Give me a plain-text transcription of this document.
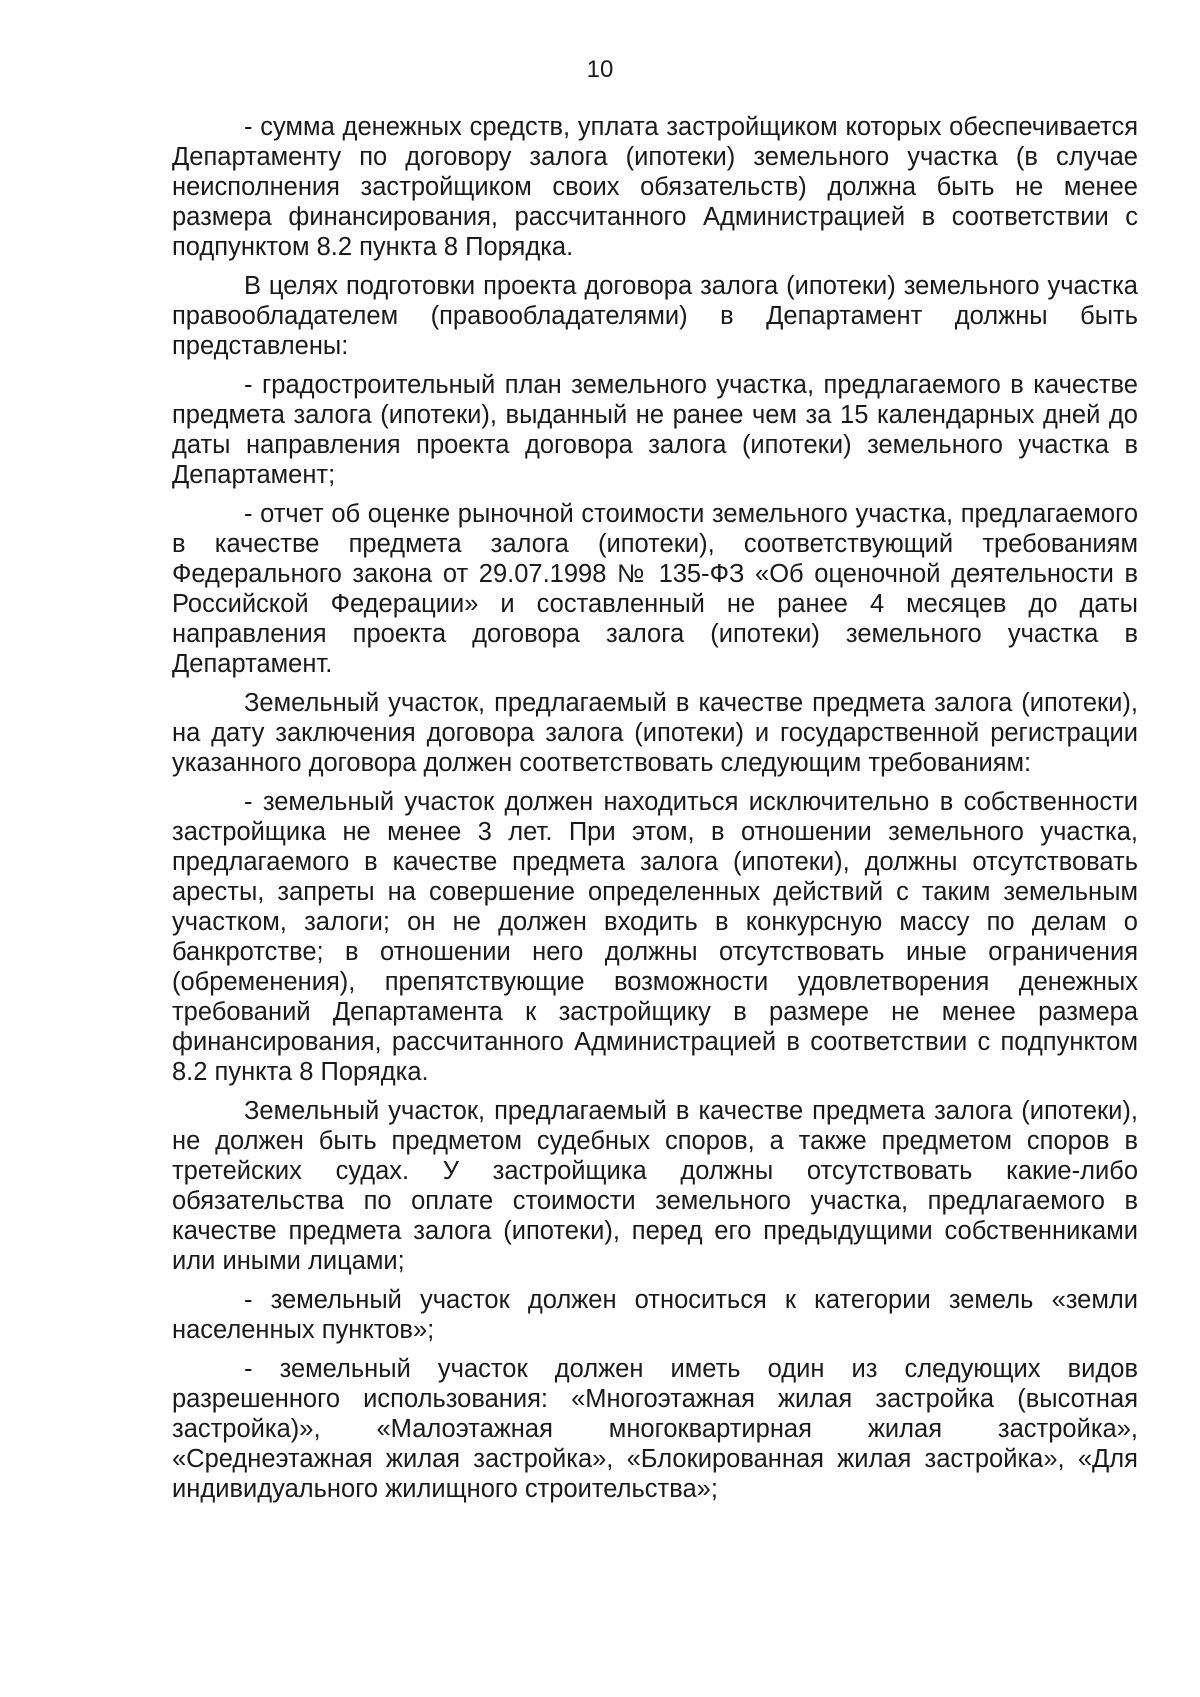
10

- сумма денежных средств, уплата застройщиком которых обеспечивается Департаменту по договору залога (ипотеки) земельного участка (в случае неисполнения застройщиком своих обязательств) должна быть не менее размера финансирования, рассчитанного Администрацией в соответствии с подпунктом 8.2 пункта 8 Порядка.

В целях подготовки проекта договора залога (ипотеки) земельного участка правообладателем (правообладателями) в Департамент должны быть представлены:

- градостроительный план земельного участка, предлагаемого в качестве предмета залога (ипотеки), выданный не ранее чем за 15 календарных дней до даты направления проекта договора залога (ипотеки) земельного участка в Департамент;

- отчет об оценке рыночной стоимости земельного участка, предлагаемого в качестве предмета залога (ипотеки), соответствующий требованиям Федерального закона от 29.07.1998 № 135-ФЗ «Об оценочной деятельности в Российской Федерации» и составленный не ранее 4 месяцев до даты направления проекта договора залога (ипотеки) земельного участка в Департамент.

Земельный участок, предлагаемый в качестве предмета залога (ипотеки), на дату заключения договора залога (ипотеки) и государственной регистрации указанного договора должен соответствовать следующим требованиям:

- земельный участок должен находиться исключительно в собственности застройщика не менее 3 лет. При этом, в отношении земельного участка, предлагаемого в качестве предмета залога (ипотеки), должны отсутствовать аресты, запреты на совершение определенных действий с таким земельным участком, залоги; он не должен входить в конкурсную массу по делам о банкротстве; в отношении него должны отсутствовать иные ограничения (обременения), препятствующие возможности удовлетворения денежных требований Департамента к застройщику в размере не менее размера финансирования, рассчитанного Администрацией в соответствии с подпунктом 8.2 пункта 8 Порядка.

Земельный участок, предлагаемый в качестве предмета залога (ипотеки), не должен быть предметом судебных споров, а также предметом споров в третейских судах. У застройщика должны отсутствовать какие-либо обязательства по оплате стоимости земельного участка, предлагаемого в качестве предмета залога (ипотеки), перед его предыдущими собственниками или иными лицами;

- земельный участок должен относиться к категории земель «земли населенных пунктов»;

- земельный участок должен иметь один из следующих видов разрешенного использования: «Многоэтажная жилая застройка (высотная застройка)», «Малоэтажная многоквартирная жилая застройка», «Среднеэтажная жилая застройка», «Блокированная жилая застройка», «Для индивидуального жилищного строительства»;
